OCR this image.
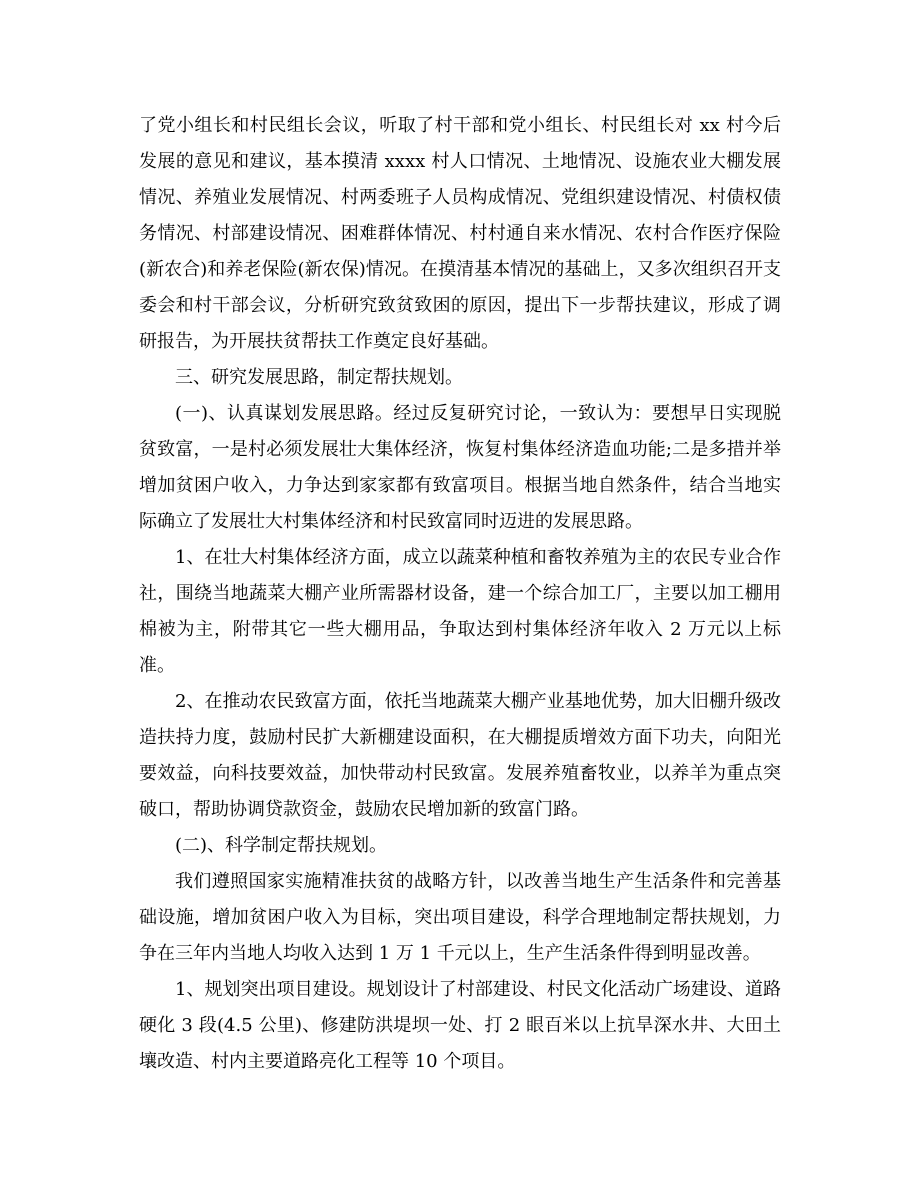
了党小组长和村民组长会议，听取了村干部和党小组长、村民组长对 xx 村今后发展的意见和建议，基本摸清 xxxx 村人口情况、土地情况、设施农业大棚发展情况、养殖业发展情况、村两委班子人员构成情况、党组织建设情况、村债权债务情况、村部建设情况、困难群体情况、村村通自来水情况、农村合作医疗保险(新农合)和养老保险(新农保)情况。在摸清基本情况的基础上，又多次组织召开支委会和村干部会议，分析研究致贫致困的原因，提出下一步帮扶建议，形成了调研报告，为开展扶贫帮扶工作奠定良好基础。

三、研究发展思路，制定帮扶规划。

(一)、认真谋划发展思路。经过反复研究讨论，一致认为：要想早日实现脱贫致富，一是村必须发展壮大集体经济，恢复村集体经济造血功能;二是多措并举增加贫困户收入，力争达到家家都有致富项目。根据当地自然条件，结合当地实际确立了发展壮大村集体经济和村民致富同时迈进的发展思路。

1、在壮大村集体经济方面，成立以蔬菜种植和畜牧养殖为主的农民专业合作社，围绕当地蔬菜大棚产业所需器材设备，建一个综合加工厂，主要以加工棚用棉被为主，附带其它一些大棚用品，争取达到村集体经济年收入 2 万元以上标准。

2、在推动农民致富方面，依托当地蔬菜大棚产业基地优势，加大旧棚升级改造扶持力度，鼓励村民扩大新棚建设面积，在大棚提质增效方面下功夫，向阳光要效益，向科技要效益，加快带动村民致富。发展养殖畜牧业，以养羊为重点突破口，帮助协调贷款资金，鼓励农民增加新的致富门路。

(二)、科学制定帮扶规划。

我们遵照国家实施精准扶贫的战略方针，以改善当地生产生活条件和完善基础设施，增加贫困户收入为目标，突出项目建设，科学合理地制定帮扶规划，力争在三年内当地人均收入达到 1 万 1 千元以上，生产生活条件得到明显改善。

1、规划突出项目建设。规划设计了村部建设、村民文化活动广场建设、道路硬化 3 段(4.5 公里)、修建防洪堤坝一处、打 2 眼百米以上抗旱深水井、大田土壤改造、村内主要道路亮化工程等 10 个项目。
